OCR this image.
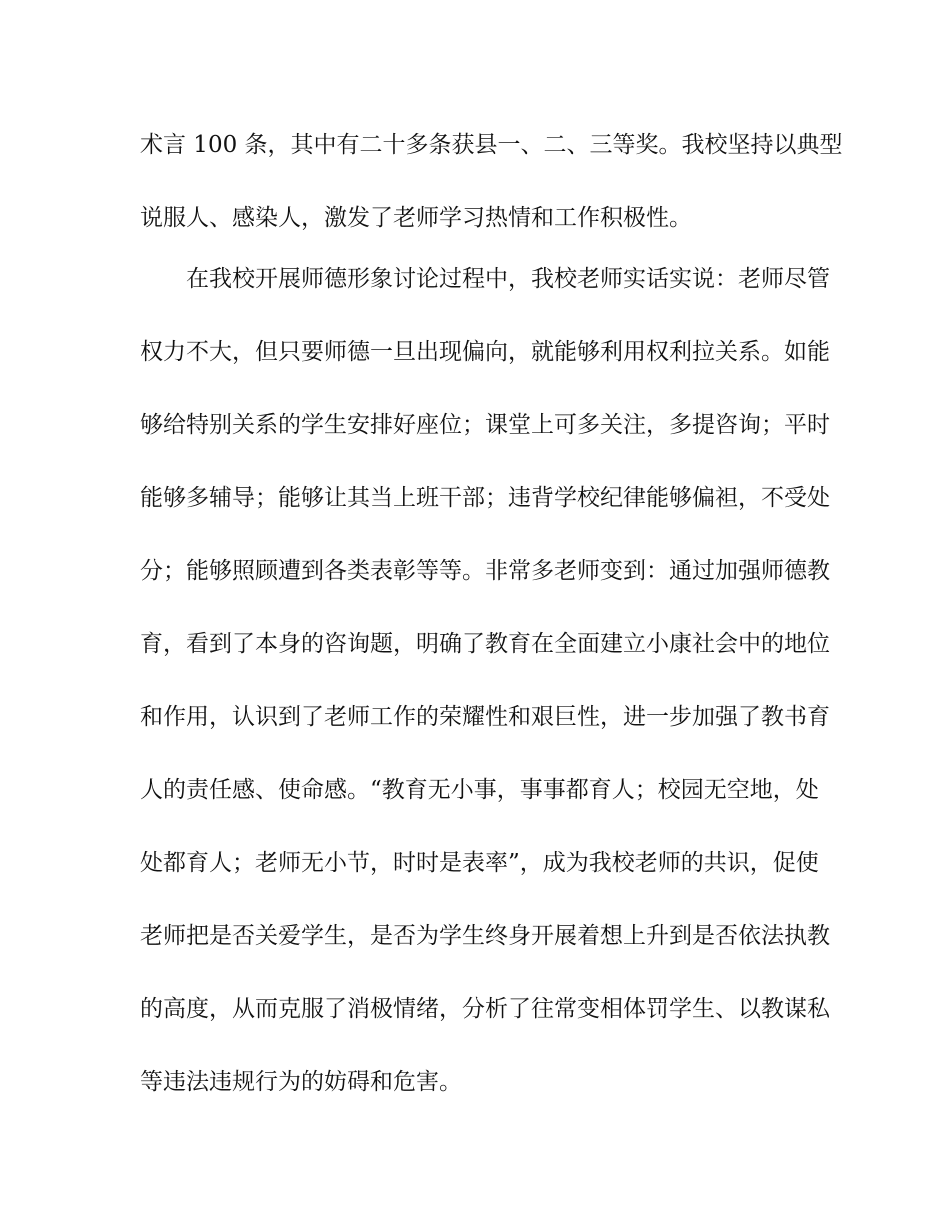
术言 100 条，其中有二十多条获县一、二、三等奖。我校坚持以典型
说服人、感染人，激发了老师学习热情和工作积极性。
在我校开展师德形象讨论过程中，我校老师实话实说：老师尽管
权力不大，但只要师德一旦出现偏向，就能够利用权利拉关系。如能
够给特别关系的学生安排好座位；课堂上可多关注，多提咨询；平时
能够多辅导；能够让其当上班干部；违背学校纪律能够偏袒，不受处
分；能够照顾遭到各类表彰等等。非常多老师变到：通过加强师德教
育，看到了本身的咨询题，明确了教育在全面建立小康社会中的地位
和作用，认识到了老师工作的荣耀性和艰巨性，进一步加强了教书育
人的责任感、使命感。“教育无小事，事事都育人；校园无空地，处
处都育人；老师无小节，时时是表率”，成为我校老师的共识，促使
老师把是否关爱学生，是否为学生终身开展着想上升到是否依法执教
的高度，从而克服了消极情绪，分析了往常变相体罚学生、以教谋私
等违法违规行为的妨碍和危害。
